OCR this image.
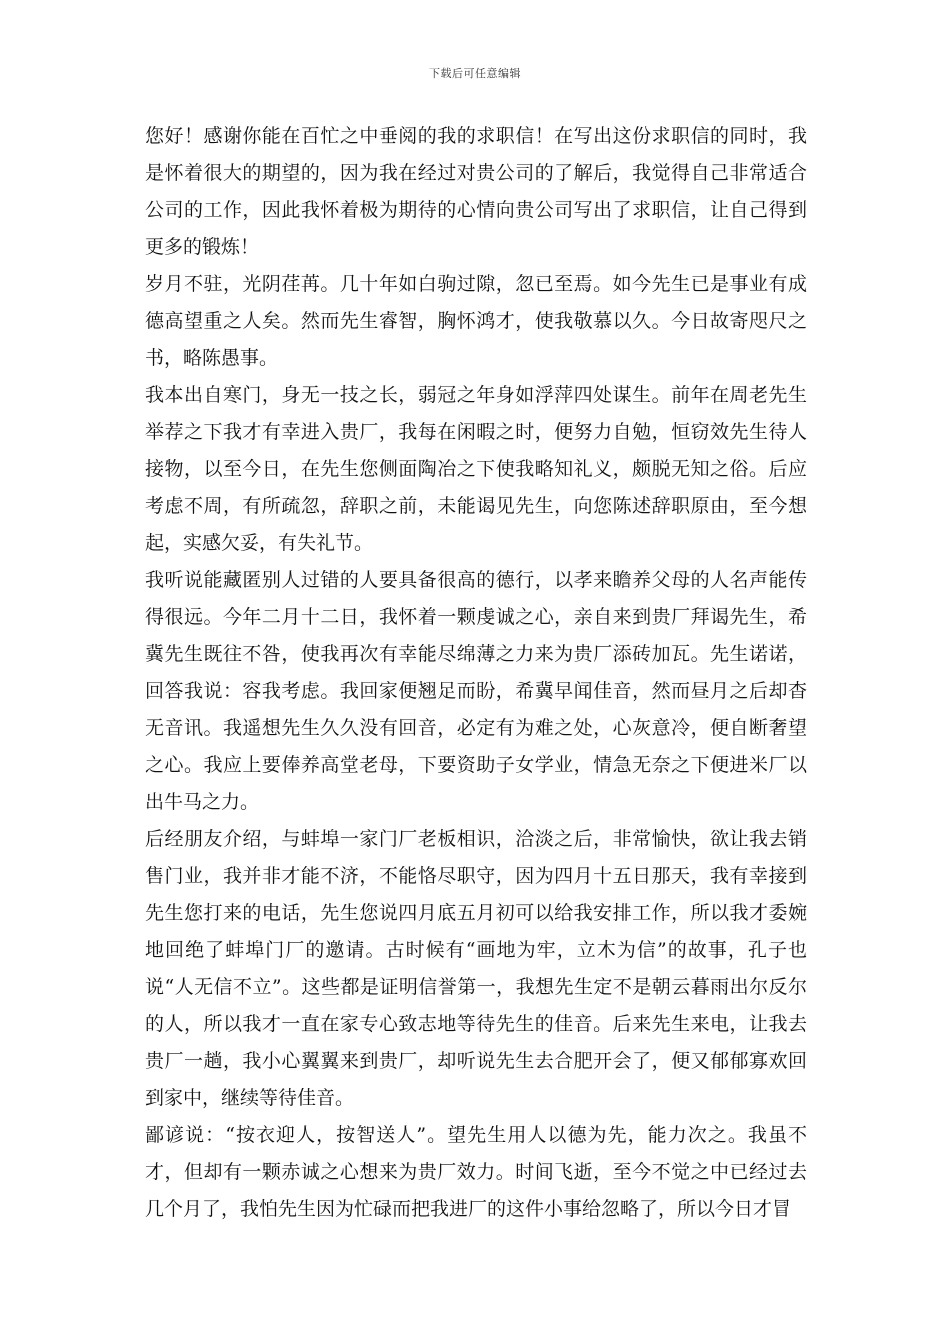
下载后可任意编辑

您好！感谢你能在百忙之中垂阅的我的求职信！在写出这份求职信的同时，我是怀着很大的期望的，因为我在经过对贵公司的了解后，我觉得自己非常适合公司的工作，因此我怀着极为期待的心情向贵公司写出了求职信，让自己得到更多的锻炼！

岁月不驻，光阴荏苒。几十年如白驹过隙，忽已至焉。如今先生已是事业有成德高望重之人矣。然而先生睿智，胸怀鸿才，使我敬慕以久。今日故寄咫尺之书，略陈愚事。

我本出自寒门，身无一技之长，弱冠之年身如浮萍四处谋生。前年在周老先生举荐之下我才有幸进入贵厂，我每在闲暇之时，便努力自勉，恒窃效先生待人接物，以至今日，在先生您侧面陶冶之下使我略知礼义，颇脱无知之俗。后应考虑不周，有所疏忽，辞职之前，未能谒见先生，向您陈述辞职原由，至今想起，实感欠妥，有失礼节。

我听说能藏匿别人过错的人要具备很高的德行，以孝来瞻养父母的人名声能传得很远。今年二月十二日，我怀着一颗虔诚之心，亲自来到贵厂拜谒先生，希冀先生既往不咎，使我再次有幸能尽绵薄之力来为贵厂添砖加瓦。先生诺诺，回答我说：容我考虑。我回家便翘足而盼，希冀早闻佳音，然而昼月之后却杳无音讯。我遥想先生久久没有回音，必定有为难之处，心灰意冷，便自断奢望之心。我应上要俸养高堂老母，下要资助子女学业，情急无奈之下便进米厂以出牛马之力。

后经朋友介绍，与蚌埠一家门厂老板相识，洽淡之后，非常愉快，欲让我去销售门业，我并非才能不济，不能恪尽职守，因为四月十五日那天，我有幸接到先生您打来的电话，先生您说四月底五月初可以给我安排工作，所以我才委婉地回绝了蚌埠门厂的邀请。古时候有“画地为牢，立木为信”的故事，孔子也说“人无信不立”。这些都是证明信誉第一，我想先生定不是朝云暮雨出尔反尔的人，所以我才一直在家专心致志地等待先生的佳音。后来先生来电，让我去贵厂一趟，我小心翼翼来到贵厂，却听说先生去合肥开会了，便又郁郁寡欢回到家中，继续等待佳音。

鄙谚说：“按衣迎人，按智送人”。望先生用人以德为先，能力次之。我虽不才，但却有一颗赤诚之心想来为贵厂效力。时间飞逝，至今不觉之中已经过去几个月了，我怕先生因为忙碌而把我进厂的这件小事给忽略了，所以今日才冒
